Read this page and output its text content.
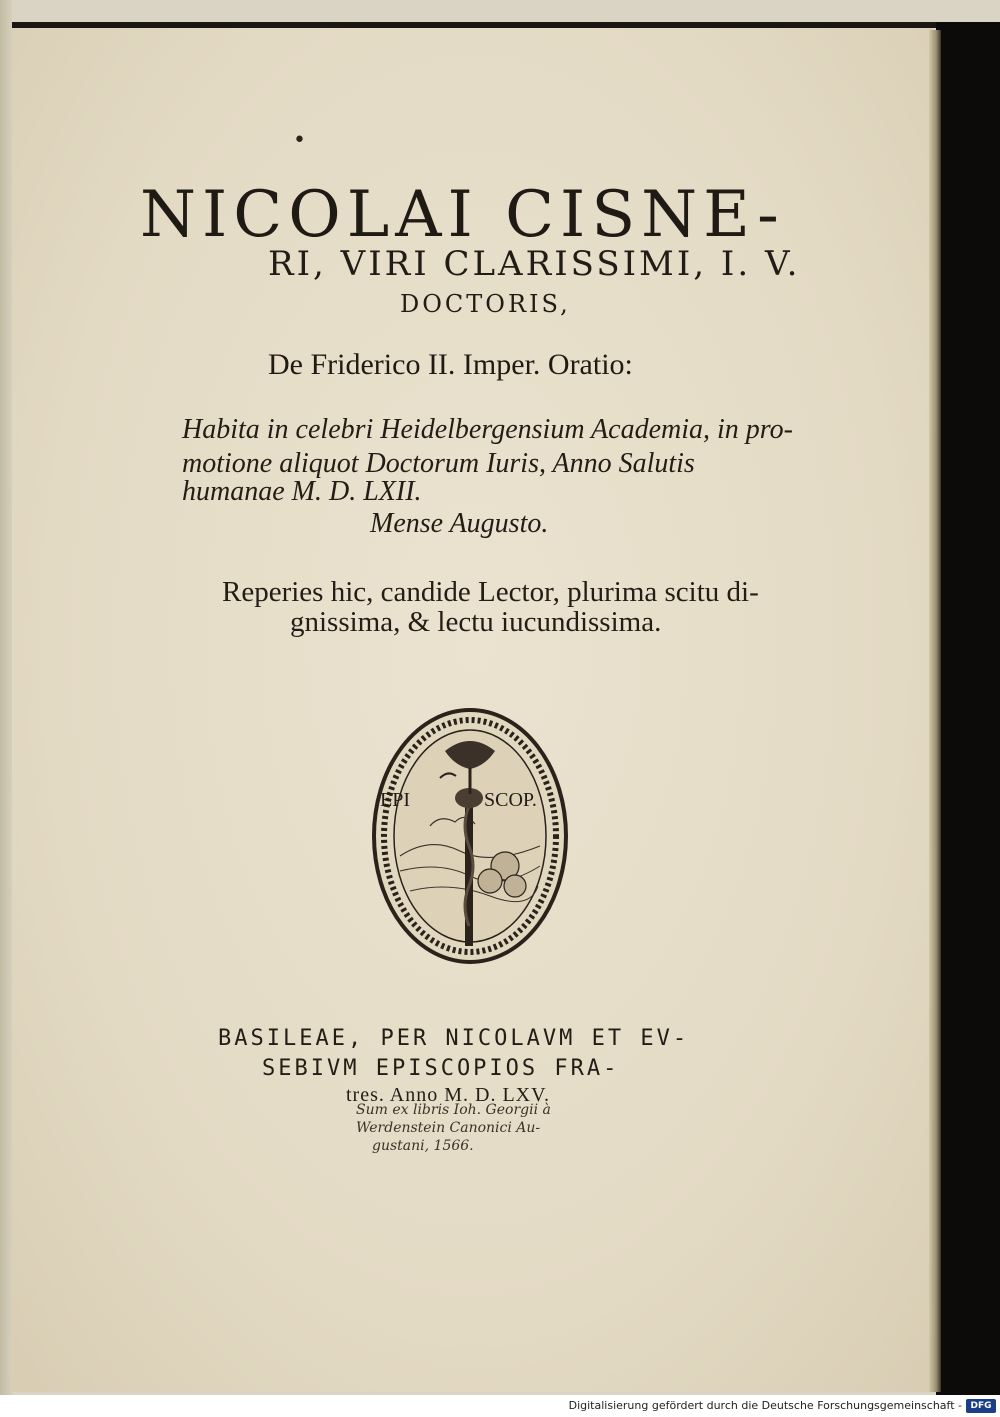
•
NICOLAI CISNE-
RI, VIRI CLARISSIMI, I. V.
DOCTORIS,
De Friderico II. Imper. Oratio:
Habita in celebri Heidelbergensium Academia, in pro-
motione aliquot Doctorum Iuris, Anno Salutis
humanae M. D. LXII.
Mense Augusto.
Reperies hic, candide Lector, plurima scitu di-
gnissima, & lectu iucundissima.
EPI	SCOP.
BASILEAE, PER NICOLAVM ET EV-
SEBIVM EPISCOPIOS FRA-
tres. Anno M. D. LXV.
Sum ex libris Ioh. Georgii à
Werdenstein Canonici Au-
gustani, 1566.
Digitalisierung gefördert durch die Deutsche Forschungsgemeinschaft - DFG
